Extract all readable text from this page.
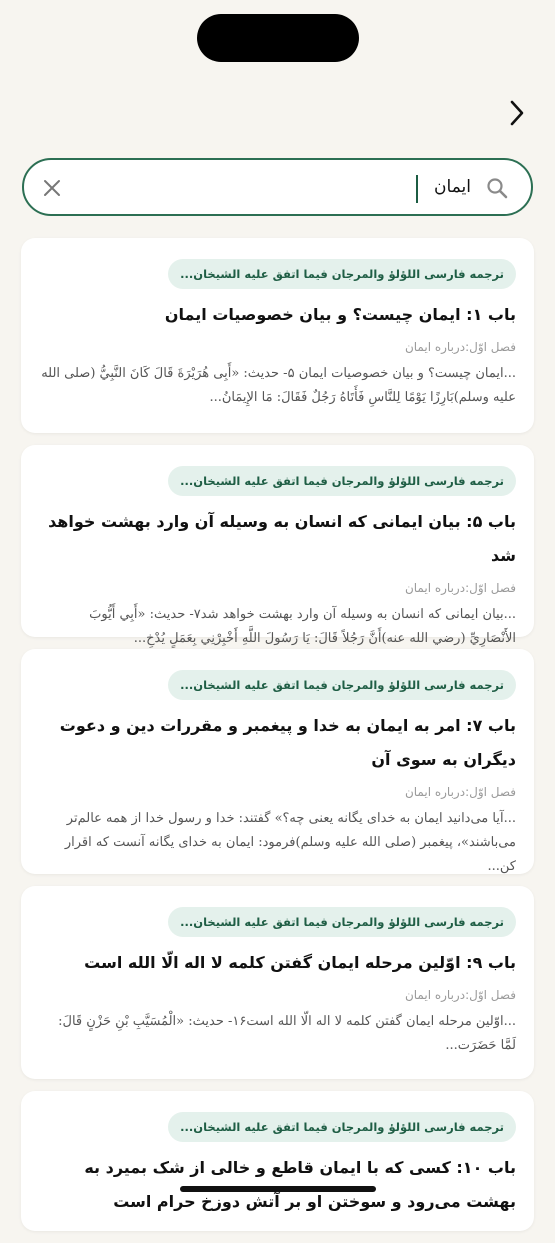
ایمان
ترجمه فارسی اللؤلؤ والمرجان فیما اتفق علیه الشیخان...
باب ۱: ایمان چیست؟ و بیان خصوصیات ایمان
فصل اوّل:درباره ایمان
...ایمان چیست؟ و بیان خصوصیات ایمان ۵- حدیث: «أَبِی هُرَيْرَةَ قَالَ كَانَ النَّبِيُّ (صلى الله عليه وسلم)بَارِزًا يَوْمًا لِلنَّاسِ فَأَتَاهُ رَجُلٌ فَقَالَ: مَا الإِيمَانُ...
ترجمه فارسی اللؤلؤ والمرجان فیما اتفق علیه الشیخان...
باب ۵: بیان ایمانی که انسان به وسیله آن وارد بهشت خواهد شد
فصل اوّل:درباره ایمان
...بیان ایمانی که انسان به وسیله آن وارد بهشت خواهد شد۷- حدیث: «أَبِي أَيُّوبَ الأَنْصَارِيِّ (رضي الله عنه)أَنَّ رَجُلاً قَالَ: يَا رَسُولَ اللَّهِ أَخْبِرْنِي بِعَمَلٍ يُدْخِ...
ترجمه فارسی اللؤلؤ والمرجان فیما اتفق علیه الشیخان...
باب ۷: امر به ایمان به خدا و پیغمبر و مقررات دین و دعوت دیگران به سوی آن
فصل اوّل:درباره ایمان
...آیا می‌دانید ایمان به خدای یگانه یعنی چه؟» گفتند: خدا و رسول خدا از همه عالم‌تر می‌باشند»، پیغمبر (صلى الله عليه وسلم)فرمود: ایمان به خدای یگانه آنست که اقرار کن...
ترجمه فارسی اللؤلؤ والمرجان فیما اتفق علیه الشیخان...
باب ۹: اوّلین مرحله ایمان گفتن کلمه لا اله الّا الله است
فصل اوّل:درباره ایمان
...اوّلین مرحله ایمان گفتن کلمه لا اله الّا الله است۱۶- حدیث: «الْمُسَيَّبِ بْنِ حَزْنٍ قَالَ: لَمَّا حَضَرَت...
ترجمه فارسی اللؤلؤ والمرجان فیما اتفق علیه الشیخان...
باب ۱۰: کسی که با ایمان قاطع و خالی از شک بمیرد به بهشت می‌رود و سوختن او بر آتش دوزخ حرام است
